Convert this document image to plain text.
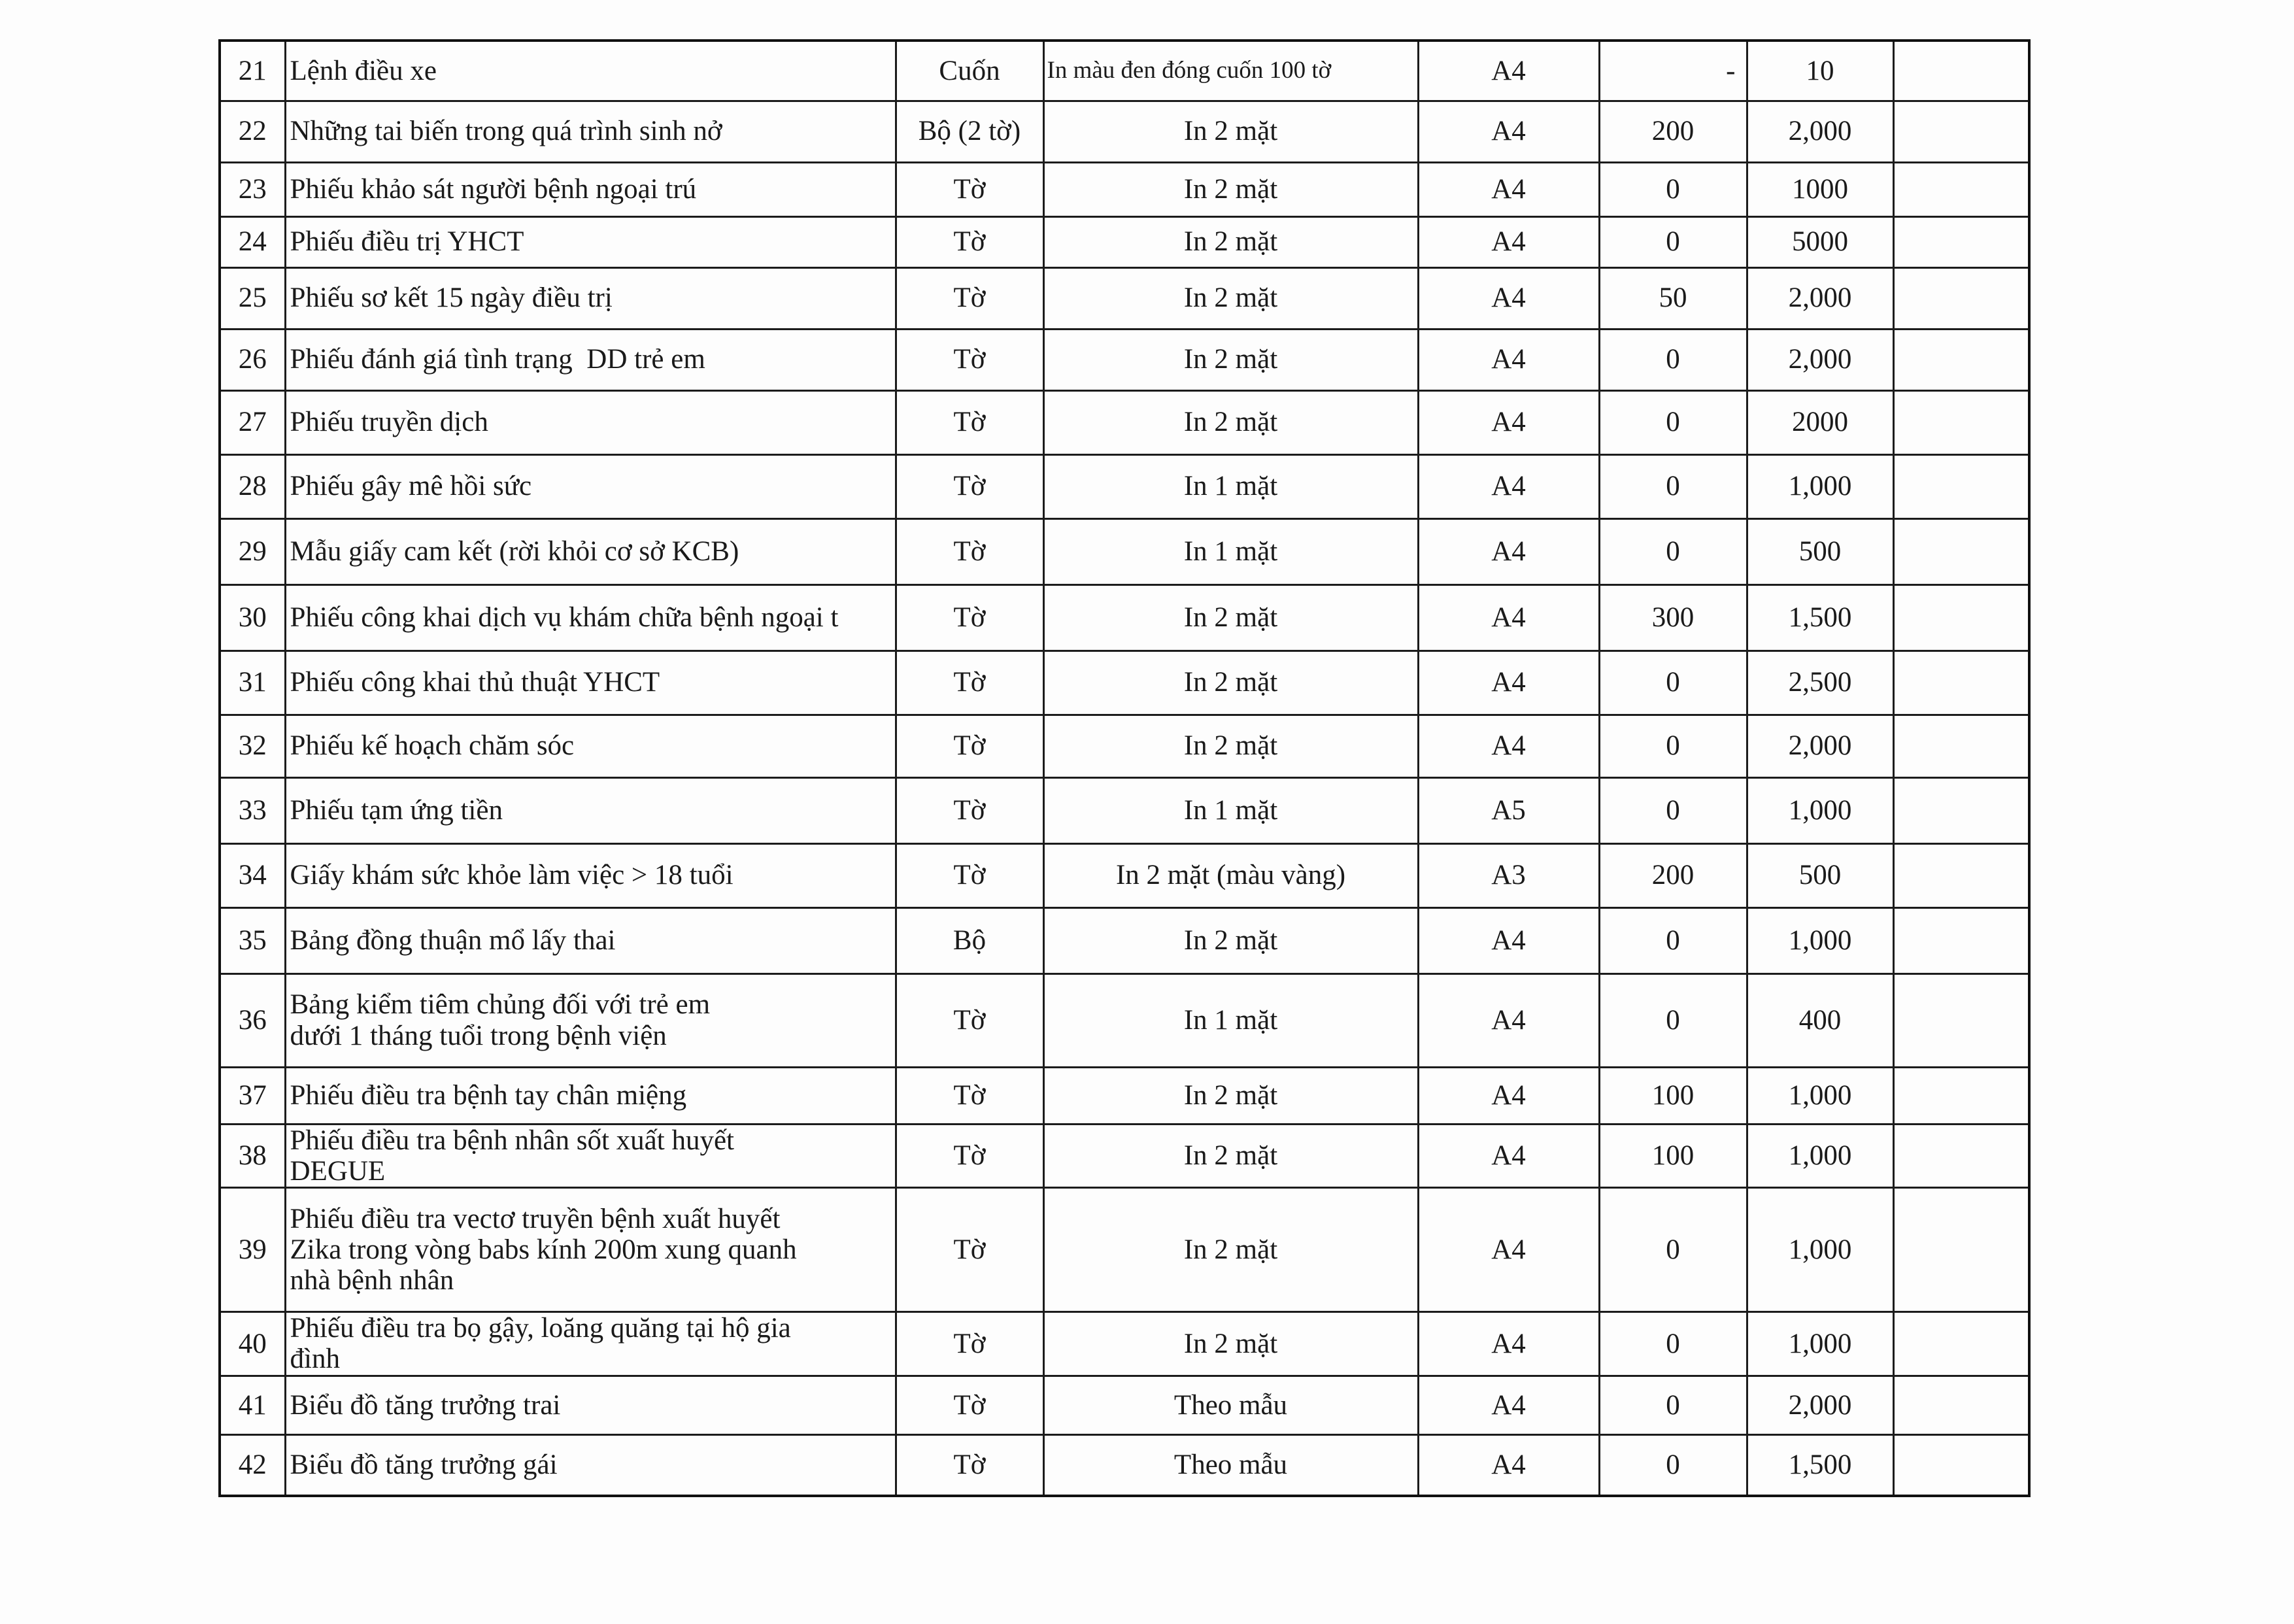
21	Lệnh điều xe	Cuốn	In màu đen đóng cuốn 100 tờ	A4	-	10	
22	Những tai biến trong quá trình sinh nở	Bộ (2 tờ)	In 2 mặt	A4	200	2,000	
23	Phiếu khảo sát người bệnh ngoại trú	Tờ	In 2 mặt	A4	0	1000	
24	Phiếu điều trị YHCT	Tờ	In 2 mặt	A4	0	5000	
25	Phiếu sơ kết 15 ngày điều trị	Tờ	In 2 mặt	A4	50	2,000	
26	Phiếu đánh giá tình trạng  DD trẻ em	Tờ	In 2 mặt	A4	0	2,000	
27	Phiếu truyền dịch	Tờ	In 2 mặt	A4	0	2000	
28	Phiếu gây mê hồi sức	Tờ	In 1 mặt	A4	0	1,000	
29	Mẫu giấy cam kết (rời khỏi cơ sở KCB)	Tờ	In 1 mặt	A4	0	500	
30	Phiếu công khai dịch vụ khám chữa bệnh ngoại t	Tờ	In 2 mặt	A4	300	1,500	
31	Phiếu công khai thủ thuật YHCT	Tờ	In 2 mặt	A4	0	2,500	
32	Phiếu kế hoạch chăm sóc	Tờ	In 2 mặt	A4	0	2,000	
33	Phiếu tạm ứng tiền	Tờ	In 1 mặt	A5	0	1,000	
34	Giấy khám sức khỏe làm việc > 18 tuổi	Tờ	In 2 mặt (màu vàng)	A3	200	500	
35	Bảng đồng thuận mổ lấy thai	Bộ	In 2 mặt	A4	0	1,000	
36	Bảng kiểm tiêm chủng đối với trẻ em
dưới 1 tháng tuổi trong bệnh viện	Tờ	In 1 mặt	A4	0	400	
37	Phiếu điều tra bệnh tay chân miệng	Tờ	In 2 mặt	A4	100	1,000	
38	Phiếu điều tra bệnh nhân sốt xuất huyết
DEGUE	Tờ	In 2 mặt	A4	100	1,000	
39	Phiếu điều tra vectơ truyền bệnh xuất huyết
Zika trong vòng babs kính 200m xung quanh
nhà bệnh nhân	Tờ	In 2 mặt	A4	0	1,000	
40	Phiếu điều tra bọ gậy, loăng quăng tại hộ gia
đình	Tờ	In 2 mặt	A4	0	1,000	
41	Biểu đồ tăng trưởng trai	Tờ	Theo mẫu	A4	0	2,000	
42	Biểu đồ tăng trưởng gái	Tờ	Theo mẫu	A4	0	1,500	
